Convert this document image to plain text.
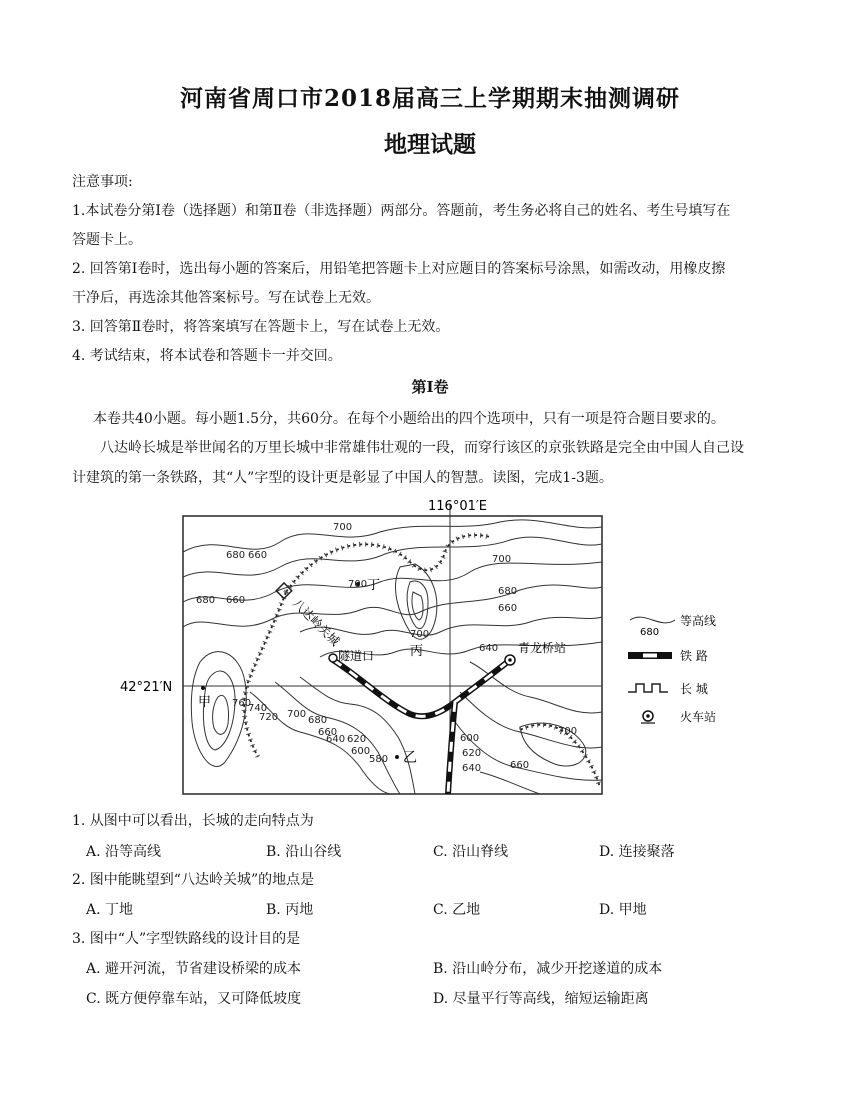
河南省周口市2018届高三上学期期末抽测调研
地理试题
注意事项:
1.本试卷分第Ⅰ卷（选择题）和第Ⅱ卷（非选择题）两部分。答题前，考生务必将自己的姓名、考生号填写在
答题卡上。
2. 回答第Ⅰ卷时，选出每小题的答案后，用铅笔把答题卡上对应题目的答案标号涂黑，如需改动，用橡皮擦
干净后，再选涂其他答案标号。写在试卷上无效。
3. 回答第Ⅱ卷时，将答案填写在答题卡上，写在试卷上无效。
4. 考试结束，将本试卷和答题卡一并交回。
第Ⅰ卷
本卷共40小题。每小题1.5分，共60分。在每个小题给出的四个选项中，只有一项是符合题目要求的。
八达岭长城是举世闻名的万里长城中非常雄伟壮观的一段，而穿行该区的京张铁路是完全由中国人自己设
计建筑的第一条铁路，其“人”字型的设计更是彰显了中国人的智慧。读图，完成1-3题。
116°01′E
42°21′N
八达岭关城
隧道口
青龙桥站
甲
乙
丙
丁
700
680 660
680 660
700
680
660
640
700
740
760
720 700
680
660
640 620
600
580
600
620
640	660
700
700
680
等高线
铁 路
长 城
火车站
1. 从图中可以看出，长城的走向特点为
A. 沿等高线	B. 沿山谷线	C. 沿山脊线	D. 连接聚落
2. 图中能眺望到“八达岭关城”的地点是
A. 丁地	B. 丙地	C. 乙地	D. 甲地
3. 图中“人”字型铁路线的设计目的是
A. 避开河流，节省建设桥梁的成本	B. 沿山岭分布，减少开挖遂道的成本
C. 既方便停靠车站，又可降低坡度	D. 尽量平行等高线，缩短运输距离
